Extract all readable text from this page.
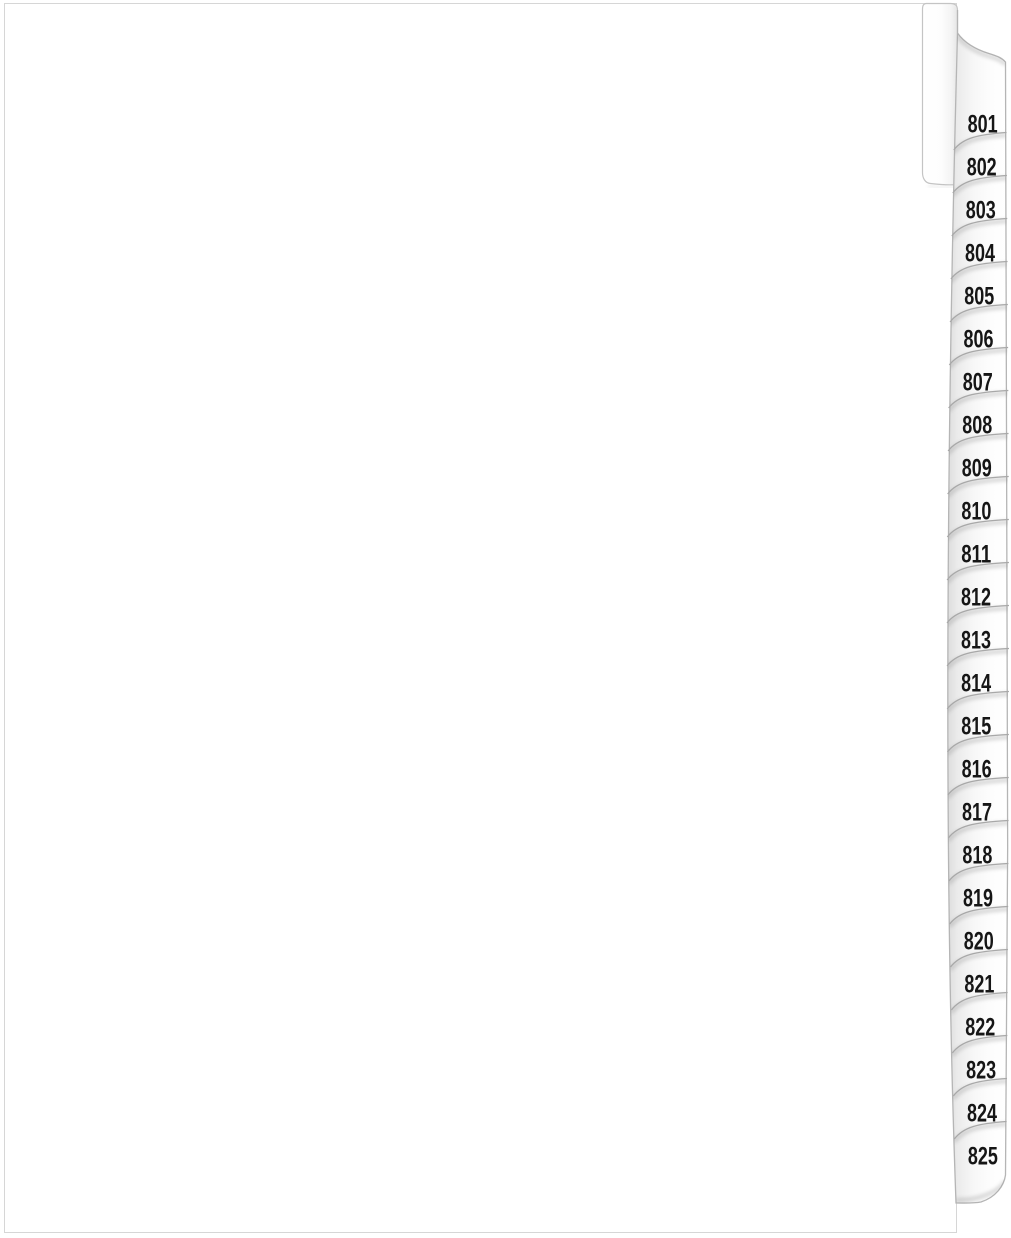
801
802
803
804
805
806
807
808
809
810
811
812
813
814
815
816
817
818
819
820
821
822
823
824
825
